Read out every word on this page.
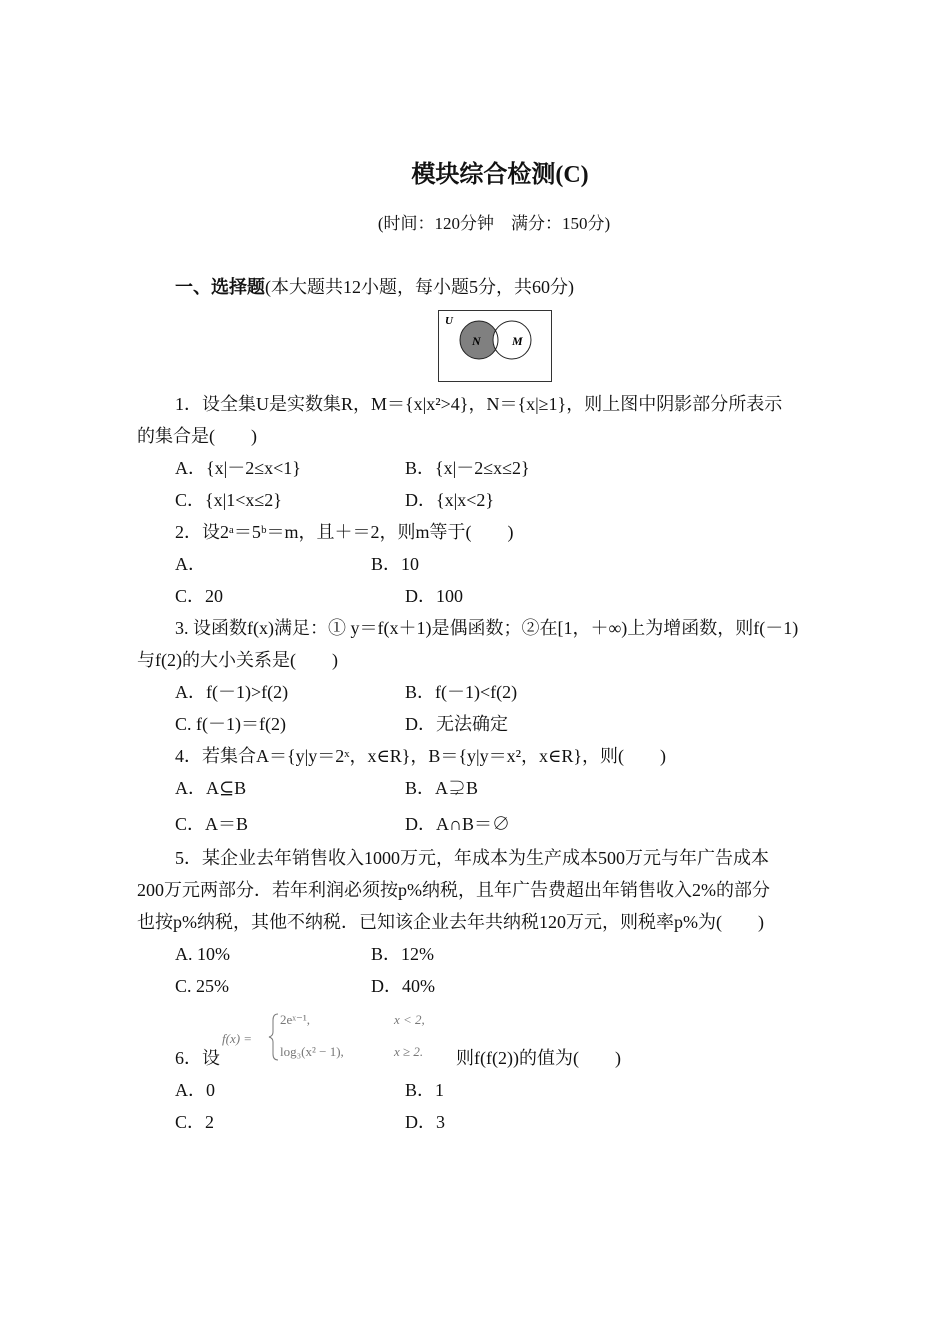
模块综合检测(C)
(时间：120分钟　满分：150分)
一、选择题(本大题共12小题，每小题5分，共60分)
U
N	M
1．设全集U是实数集R，M＝{x|x²>4}，N＝{x|≥1}，则上图中阴影部分所表示
的集合是(　　)
A．{x|－2≤x<1}	B．{x|－2≤x≤2}
C．{x|1<x≤2}	D．{x|x<2}
2．设2ᵃ＝5ᵇ＝m，且＋＝2，则m等于(　　)
A．	B．10
C．20	D．100
3. 设函数f(x)满足：① y＝f(x＋1)是偶函数；②在[1，＋∞)上为增函数，则f(－1)
与f(2)的大小关系是(　　)
A．f(－1)>f(2)	B．f(－1)<f(2)
C. f(－1)＝f(2)	D．无法确定
4．若集合A＝{y|y＝2ˣ，x∈R}，B＝{y|y＝x²，x∈R}，则(　　)
A．A⊆B	B．A⊋B
C．A＝B	D．A∩B＝∅
5．某企业去年销售收入1000万元，年成本为生产成本500万元与年广告成本
200万元两部分．若年利润必须按p%纳税，且年广告费超出年销售收入2%的部分
也按p%纳税，其他不纳税．已知该企业去年共纳税120万元，则税率p%为(　　)
A. 10%	B．12%
C. 25%	D．40%
6．设
f(x) =
2eˣ⁻¹,	x < 2,
log₃(x² − 1),	x ≥ 2. 则f(f(2))的值为(　　)
A．0	B．1
C．2	D．3
